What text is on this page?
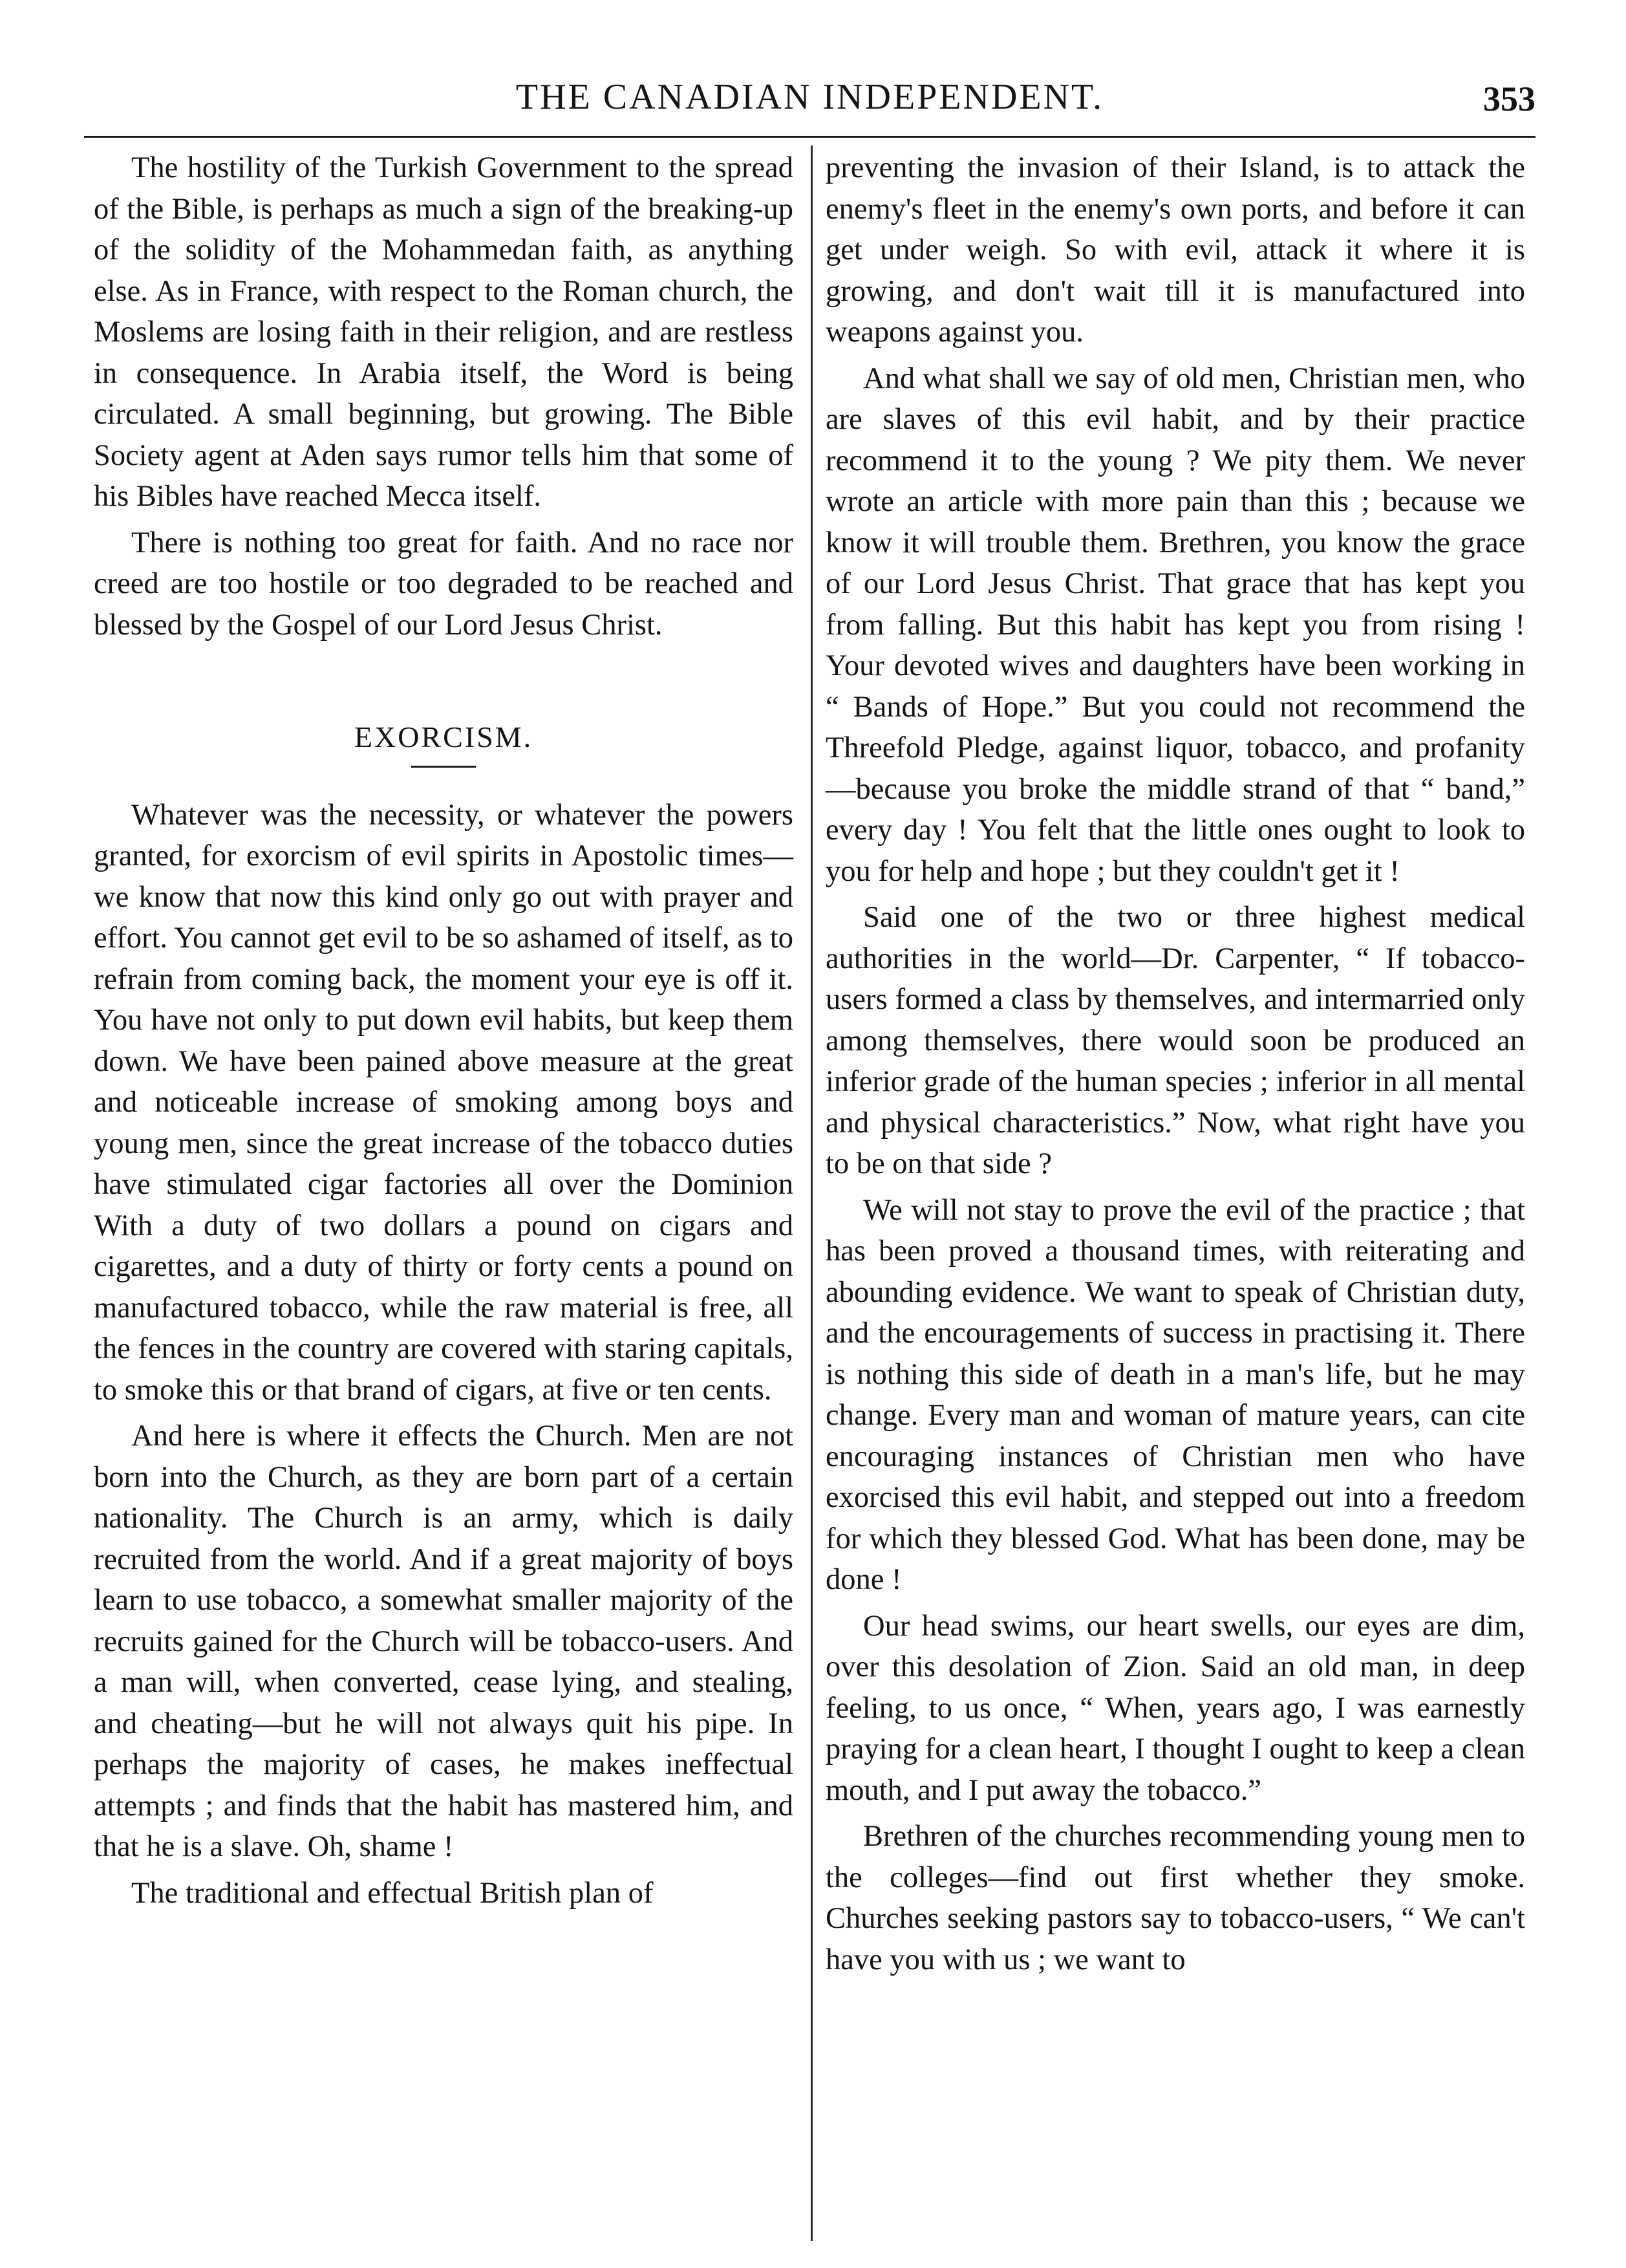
THE CANADIAN INDEPENDENT.	353

The hostility of the Turkish Government to the spread of the Bible, is perhaps as much a sign of the breaking-up of the solidity of the Mohammedan faith, as anything else. As in France, with respect to the Roman church, the Moslems are losing faith in their religion, and are restless in consequence. In Arabia itself, the Word is being circulated. A small beginning, but growing. The Bible Society agent at Aden says rumor tells him that some of his Bibles have reached Mecca itself.

There is nothing too great for faith. And no race nor creed are too hostile or too degraded to be reached and blessed by the Gospel of our Lord Jesus Christ.

EXORCISM.

Whatever was the necessity, or whatever the powers granted, for exorcism of evil spirits in Apostolic times—we know that now this kind only go out with prayer and effort. You cannot get evil to be so ashamed of itself, as to refrain from coming back, the moment your eye is off it. You have not only to put down evil habits, but keep them down. We have been pained above measure at the great and noticeable increase of smoking among boys and young men, since the great increase of the tobacco duties have stimulated cigar factories all over the Dominion With a duty of two dollars a pound on cigars and cigarettes, and a duty of thirty or forty cents a pound on manufactured tobacco, while the raw material is free, all the fences in the country are covered with staring capitals, to smoke this or that brand of cigars, at five or ten cents.

And here is where it effects the Church. Men are not born into the Church, as they are born part of a certain nationality. The Church is an army, which is daily recruited from the world. And if a great majority of boys learn to use tobacco, a somewhat smaller majority of the recruits gained for the Church will be tobacco-users. And a man will, when converted, cease lying, and stealing, and cheating—but he will not always quit his pipe. In perhaps the majority of cases, he makes ineffectual attempts ; and finds that the habit has mastered him, and that he is a slave. Oh, shame !

The traditional and effectual British plan of

preventing the invasion of their Island, is to attack the enemy's fleet in the enemy's own ports, and before it can get under weigh. So with evil, attack it where it is growing, and don't wait till it is manufactured into weapons against you.

And what shall we say of old men, Christian men, who are slaves of this evil habit, and by their practice recommend it to the young ? We pity them. We never wrote an article with more pain than this ; because we know it will trouble them. Brethren, you know the grace of our Lord Jesus Christ. That grace that has kept you from falling. But this habit has kept you from rising ! Your devoted wives and daughters have been working in “ Bands of Hope.” But you could not recommend the Threefold Pledge, against liquor, tobacco, and profanity—because you broke the middle strand of that “ band,” every day ! You felt that the little ones ought to look to you for help and hope ; but they couldn't get it !

Said one of the two or three highest medical authorities in the world—Dr. Carpenter, “ If tobacco-users formed a class by themselves, and intermarried only among themselves, there would soon be produced an inferior grade of the human species ; inferior in all mental and physical characteristics.” Now, what right have you to be on that side ?

We will not stay to prove the evil of the practice ; that has been proved a thousand times, with reiterating and abounding evidence. We want to speak of Christian duty, and the encouragements of success in practising it. There is nothing this side of death in a man's life, but he may change. Every man and woman of mature years, can cite encouraging instances of Christian men who have exorcised this evil habit, and stepped out into a freedom for which they blessed God. What has been done, may be done !

Our head swims, our heart swells, our eyes are dim, over this desolation of Zion. Said an old man, in deep feeling, to us once, “ When, years ago, I was earnestly praying for a clean heart, I thought I ought to keep a clean mouth, and I put away the tobacco.”

Brethren of the churches recommending young men to the colleges—find out first whether they smoke. Churches seeking pastors say to tobacco-users, “ We can't have you with us ; we want to
